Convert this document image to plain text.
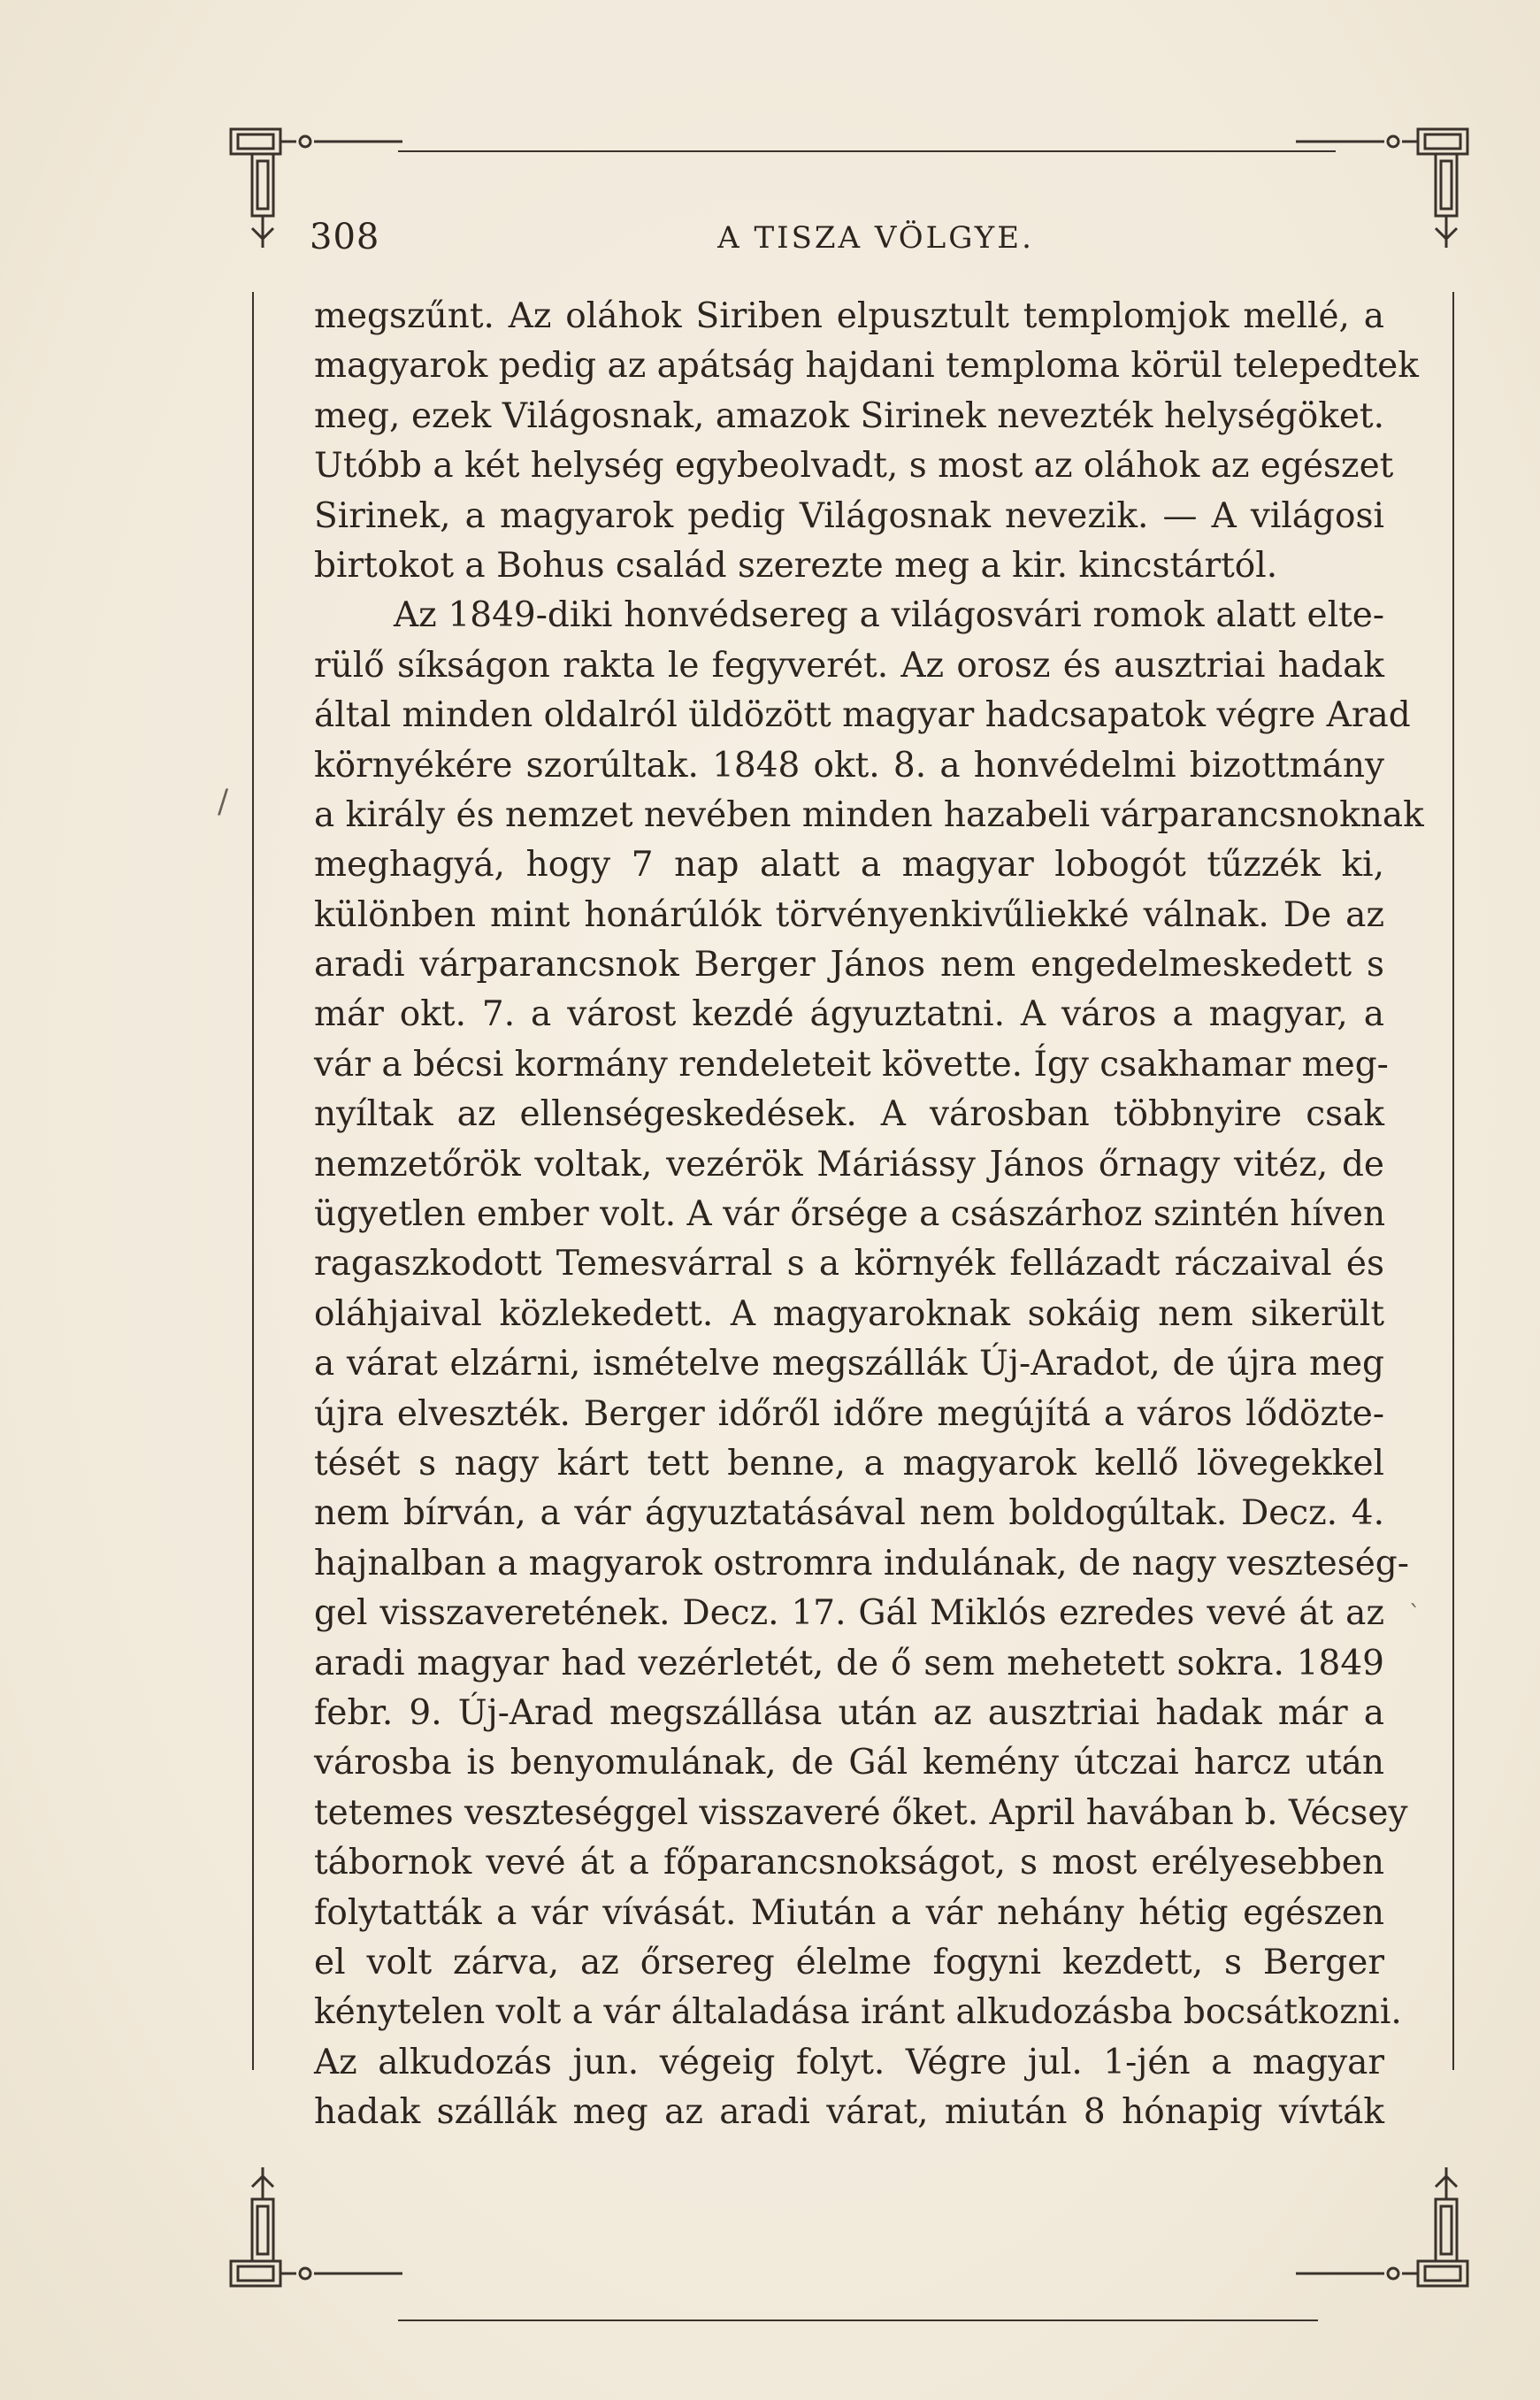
308	A TISZA VÖLGYE.
/
`
megszűnt. Az oláhok Siriben elpusztult templomjok mellé, a
magyarok pedig az apátság hajdani temploma körül telepedtek
meg, ezek Világosnak, amazok Sirinek nevezték helységöket.
Utóbb a két helység egybeolvadt, s most az oláhok az egészet
Sirinek, a magyarok pedig Világosnak nevezik. — A világosi
birtokot a Bohus család szerezte meg a kir. kincstártól.
Az 1849-diki honvédsereg a világosvári romok alatt elte-
rülő síkságon rakta le fegyverét. Az orosz és ausztriai hadak
által minden oldalról üldözött magyar hadcsapatok végre Arad
környékére szorúltak. 1848 okt. 8. a honvédelmi bizottmány
a király és nemzet nevében minden hazabeli várparancsnoknak
meghagyá, hogy 7 nap alatt a magyar lobogót tűzzék ki,
különben mint honárúlók törvényenkivűliekké válnak. De az
aradi várparancsnok Berger János nem engedelmeskedett s
már okt. 7. a várost kezdé ágyuztatni. A város a magyar, a
vár a bécsi kormány rendeleteit követte. Így csakhamar meg-
nyíltak az ellenségeskedések. A városban többnyire csak
nemzetőrök voltak, vezérök Máriássy János őrnagy vitéz, de
ügyetlen ember volt. A vár őrsége a császárhoz szintén híven
ragaszkodott Temesvárral s a környék fellázadt ráczaival és
oláhjaival közlekedett. A magyaroknak sokáig nem sikerült
a várat elzárni, ismételve megszállák Új-Aradot, de újra meg
újra elveszték. Berger időről időre megújítá a város lődözte-
tését s nagy kárt tett benne, a magyarok kellő lövegekkel
nem bírván, a vár ágyuztatásával nem boldogúltak. Decz. 4.
hajnalban a magyarok ostromra indulának, de nagy veszteség-
gel visszaveretének. Decz. 17. Gál Miklós ezredes vevé át az
aradi magyar had vezérletét, de ő sem mehetett sokra. 1849
febr. 9. Új-Arad megszállása után az ausztriai hadak már a
városba is benyomulának, de Gál kemény útczai harcz után
tetemes veszteséggel visszaveré őket. April havában b. Vécsey
tábornok vevé át a főparancsnokságot, s most erélyesebben
folytatták a vár vívását. Miután a vár nehány hétig egészen
el volt zárva, az őrsereg élelme fogyni kezdett, s Berger
kénytelen volt a vár általadása iránt alkudozásba bocsátkozni.
Az alkudozás jun. végeig folyt. Végre jul. 1-jén a magyar
hadak szállák meg az aradi várat, miután 8 hónapig vívták
